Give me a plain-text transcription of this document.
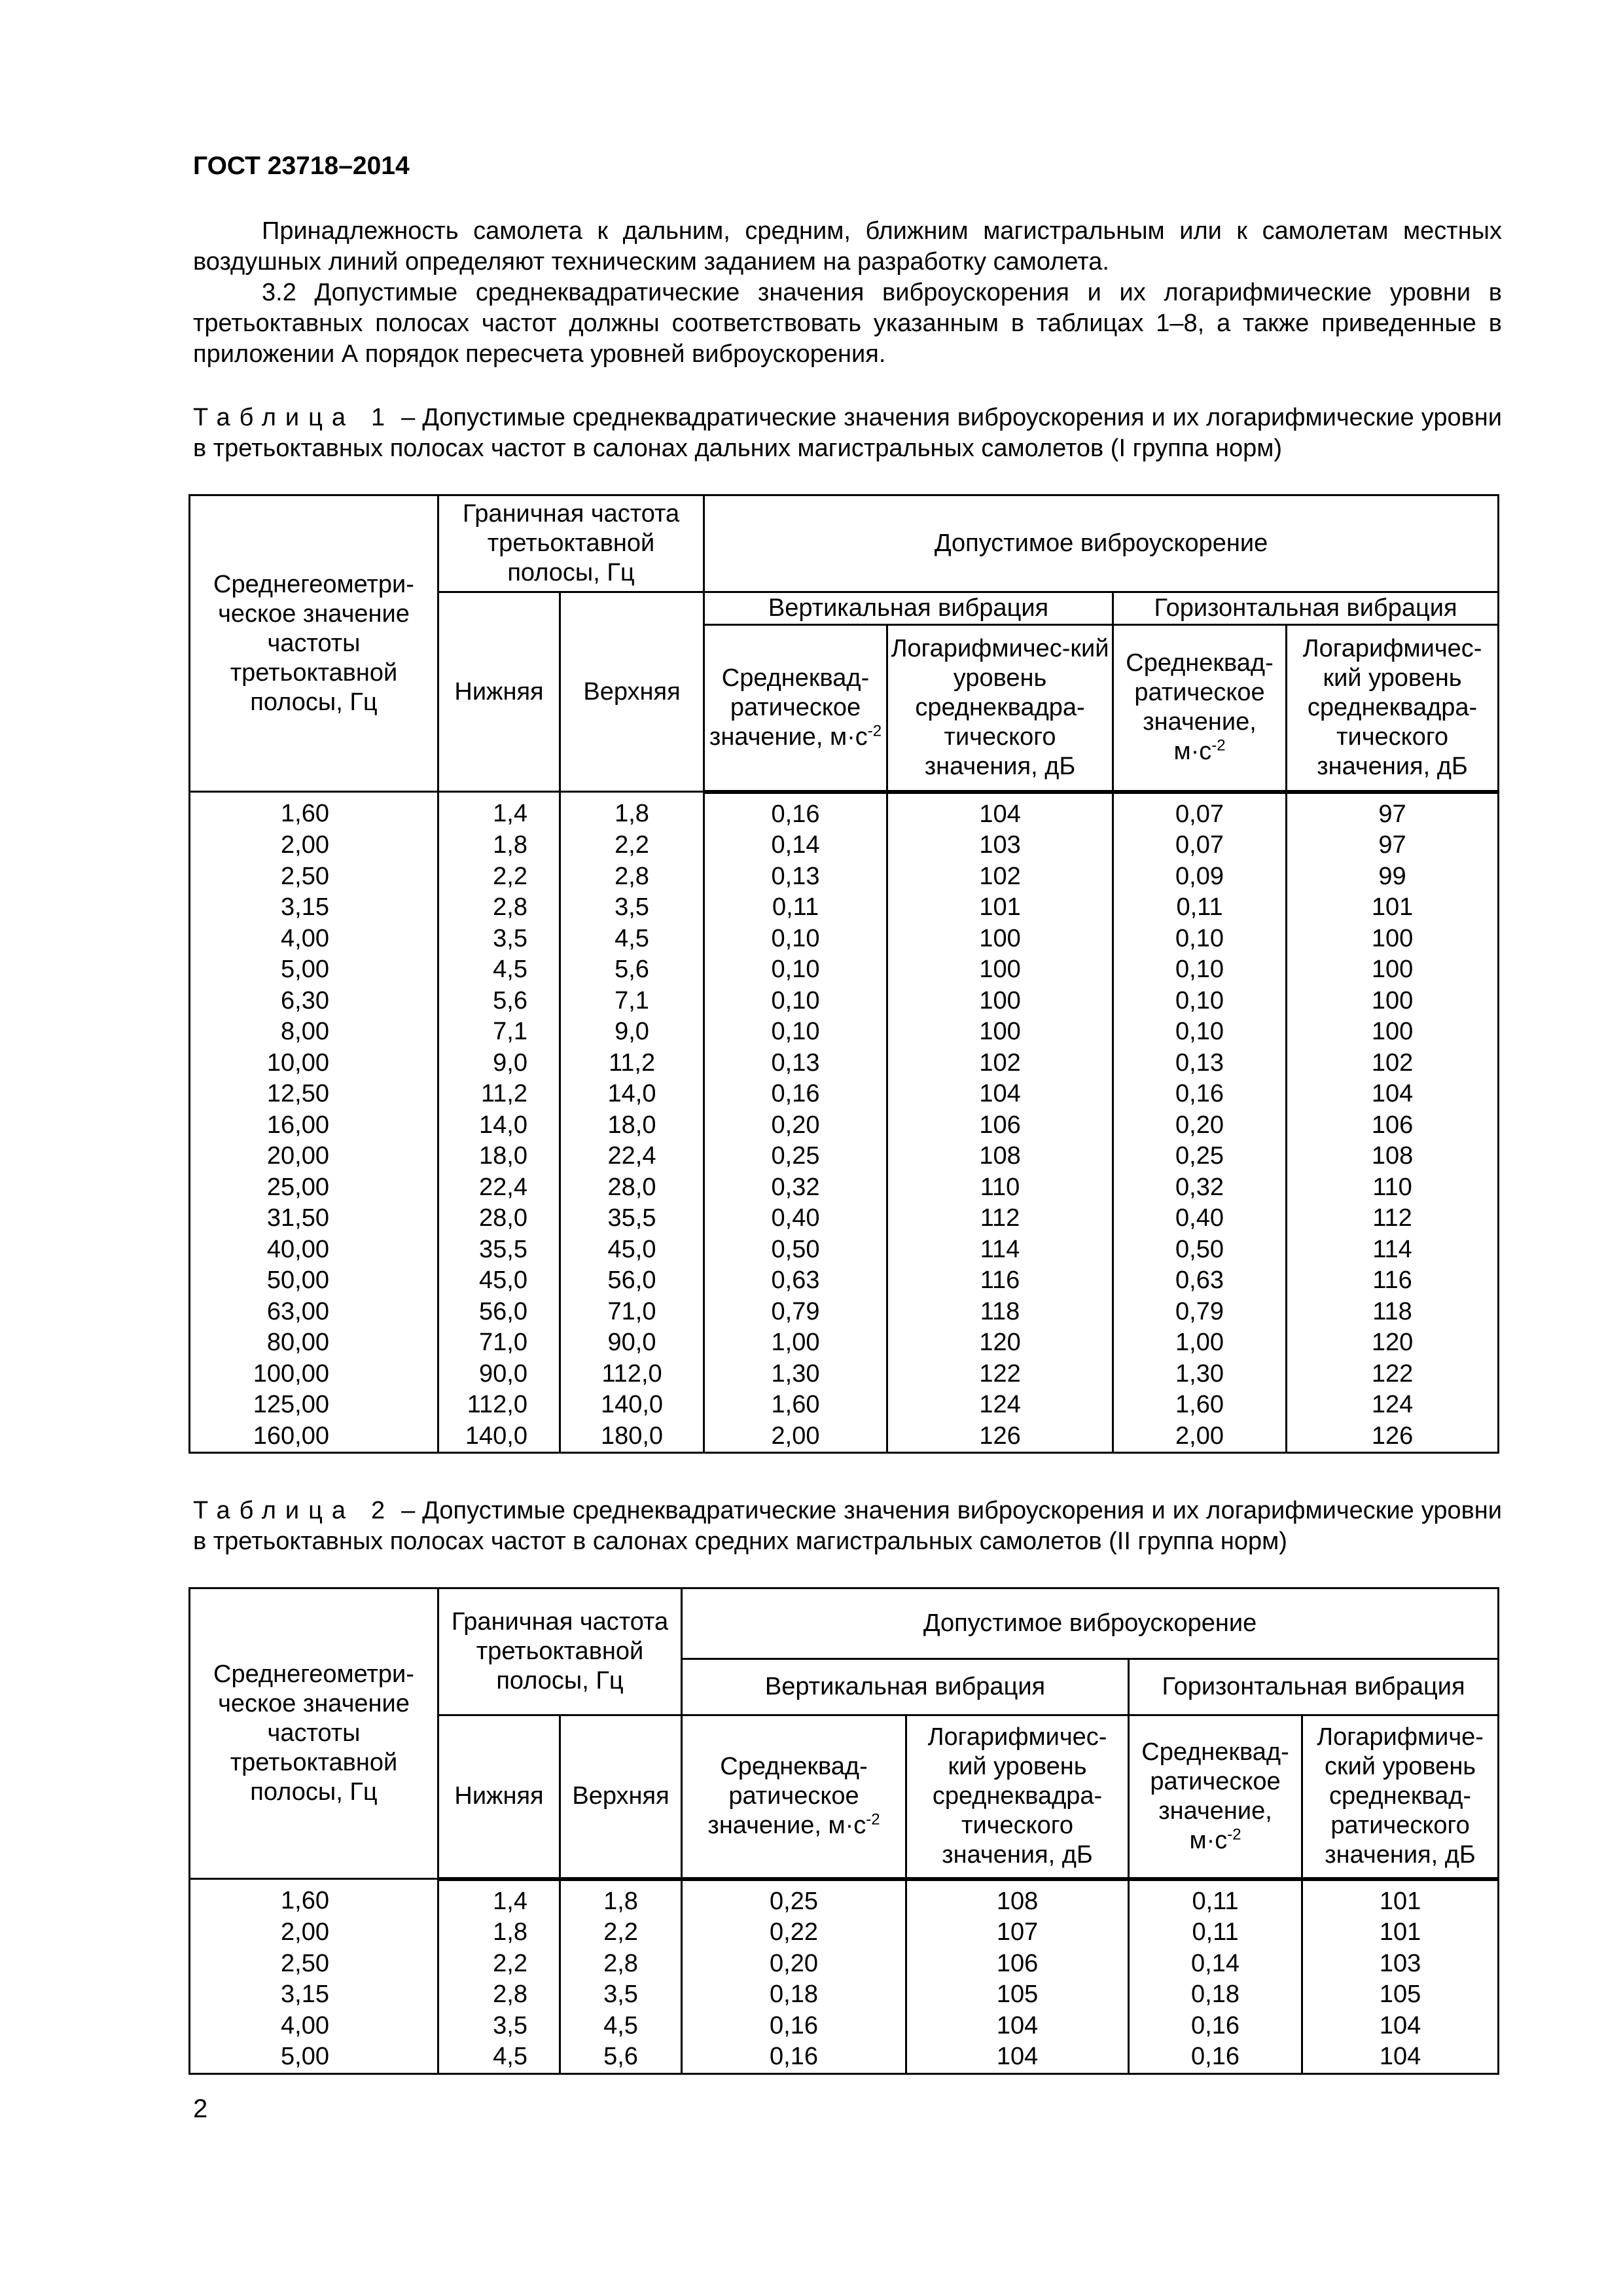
ГОСТ 23718–2014

Принадлежность самолета к дальним, средним, ближним магистральным или к самолетам местных воздушных линий определяют техническим заданием на разработку самолета.

3.2 Допустимые среднеквадратические значения виброускорения и их логарифмические уровни в третьоктавных полосах частот должны соответствовать указанным в таблицах 1–8, а также приведенные в приложении А порядок пересчета уровней виброускорения.

Таблица 1 – Допустимые среднеквадратические значения виброускорения и их логарифмические уровни в третьоктавных полосах частот в салонах дальних магистральных самолетов (I группа норм)
Среднегеометри-ческое значение частоты третьоктавной полосы, Гц	Граничная частота третьоктавной полосы, Гц		Допустимое виброускорение			
	Нижняя	Верхняя	Вертикальная вибрация		Горизонтальная вибрация	
			Среднеквад-ратическое значение, $м\cdot с^{-2}$	Логарифмичес-кий уровень среднеквадра-тического значения, дБ	Среднеквад-ратическое значение, $м\cdot с^{-2}$	Логарифмичес-кий уровень среднеквадра-тического значения, дБ
1,60	1,4	1,8	0,16	104	0,07	97
2,00	1,8	2,2	0,14	103	0,07	97
2,50	2,2	2,8	0,13	102	0,09	99
3,15	2,8	3,5	0,11	101	0,11	101
4,00	3,5	4,5	0,10	100	0,10	100
5,00	4,5	5,6	0,10	100	0,10	100
6,30	5,6	7,1	0,10	100	0,10	100
8,00	7,1	9,0	0,10	100	0,10	100
10,00	9,0	11,2	0,13	102	0,13	102
12,50	11,2	14,0	0,16	104	0,16	104
16,00	14,0	18,0	0,20	106	0,20	106
20,00	18,0	22,4	0,25	108	0,25	108
25,00	22,4	28,0	0,32	110	0,32	110
31,50	28,0	35,5	0,40	112	0,40	112
40,00	35,5	45,0	0,50	114	0,50	114
50,00	45,0	56,0	0,63	116	0,63	116
63,00	56,0	71,0	0,79	118	0,79	118
80,00	71,0	90,0	1,00	120	1,00	120
100,00	90,0	112,0	1,30	122	1,30	122
125,00	112,0	140,0	1,60	124	1,60	124
160,00	140,0	180,0	2,00	126	2,00	126
Таблица 2 – Допустимые среднеквадратические значения виброускорения и их логарифмические уровни в третьоктавных полосах частот в салонах средних магистральных самолетов (II группа норм)
Среднегеометри-ческое значение частоты третьоктавной полосы, Гц	Граничная частота третьоктавной полосы, Гц		Допустимое виброускорение			
			Вертикальная вибрация		Горизонтальная вибрация	
	Нижняя	Верхняя	Среднеквад-ратическое значение, $м\cdot с^{-2}$	Логарифмичес-кий уровень среднеквадра-тического значения, дБ	Среднеквад-ратическое значение, $м\cdot с^{-2}$	Логарифмиче-ский уровень среднеквад-ратического значения, дБ
1,60	1,4	1,8	0,25	108	0,11	101
2,00	1,8	2,2	0,22	107	0,11	101
2,50	2,2	2,8	0,20	106	0,14	103
3,15	2,8	3,5	0,18	105	0,18	105
4,00	3,5	4,5	0,16	104	0,16	104
5,00	4,5	5,6	0,16	104	0,16	104
2
